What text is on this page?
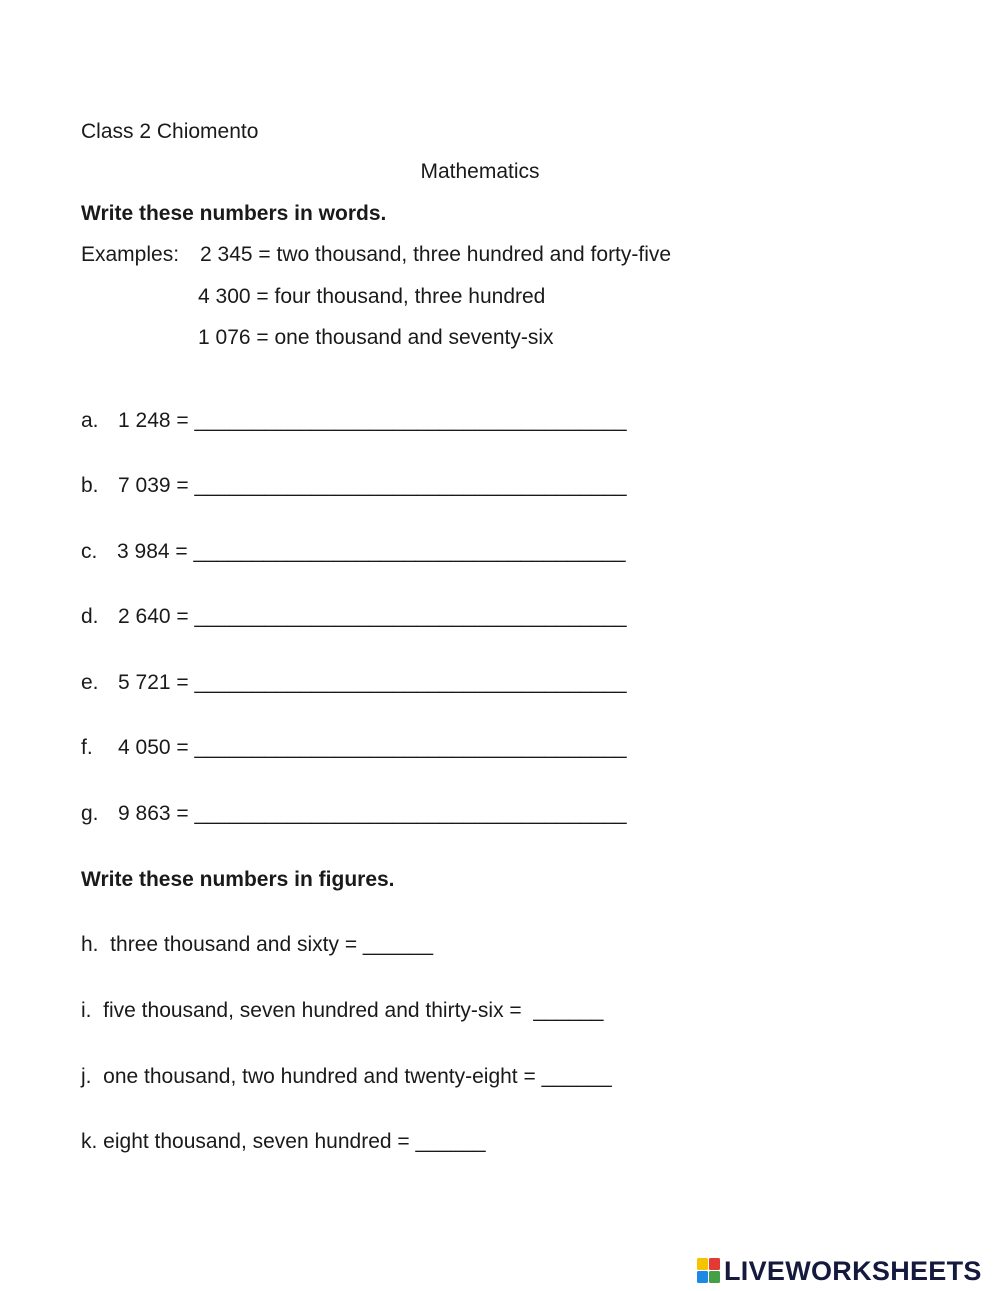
Class 2 Chiomento
Mathematics
Write these numbers in words.
Examples: 2 345 = two thousand, three hundred and forty-five
4 300 = four thousand, three hundred
1 076 = one thousand and seventy-six
a. 1 248 = _____________________________________
b. 7 039 = _____________________________________
c. 3 984 = _____________________________________
d. 2 640 = _____________________________________
e. 5 721 = _____________________________________
f. 4 050 = _____________________________________
g. 9 863 = _____________________________________
Write these numbers in figures.
h.  three thousand and sixty = ______
i.  five thousand, seven hundred and thirty-six =  ______
j.  one thousand, two hundred and twenty-eight = ______
k. eight thousand, seven hundred = ______
LIVEWORKSHEETS
